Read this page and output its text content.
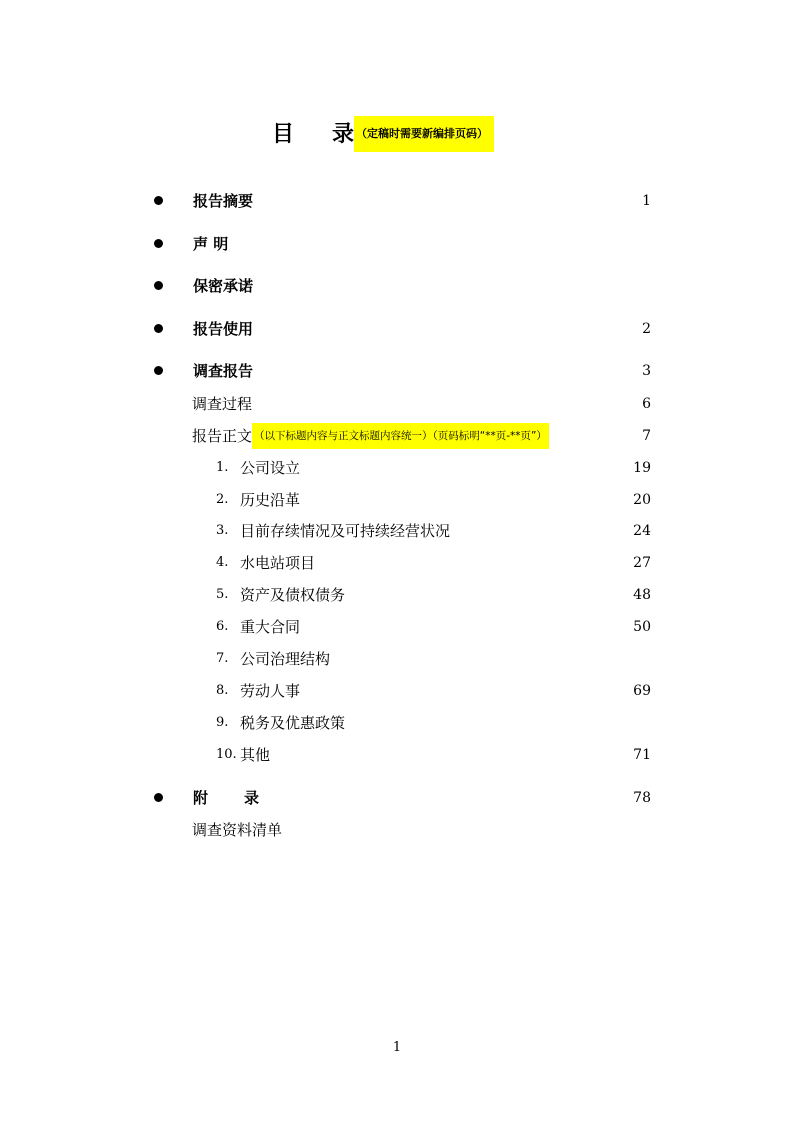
目 录 （定稿时需要新编排页码）
报告摘要	1
声 明
保密承诺
报告使用	2
调查报告	3
调查过程	6
报告正文 （以下标题内容与正文标题内容统一）（页码标明“**页-**页”）	7
1. 公司设立	19
2. 历史沿革	20
3. 目前存续情况及可持续经营状况	24
4. 水电站项目	27
5. 资产及债权债务	48
6. 重大合同	50
7. 公司治理结构
8. 劳动人事	69
9. 税务及优惠政策
10. 其他	71
附 录	78
调查资料清单
1
